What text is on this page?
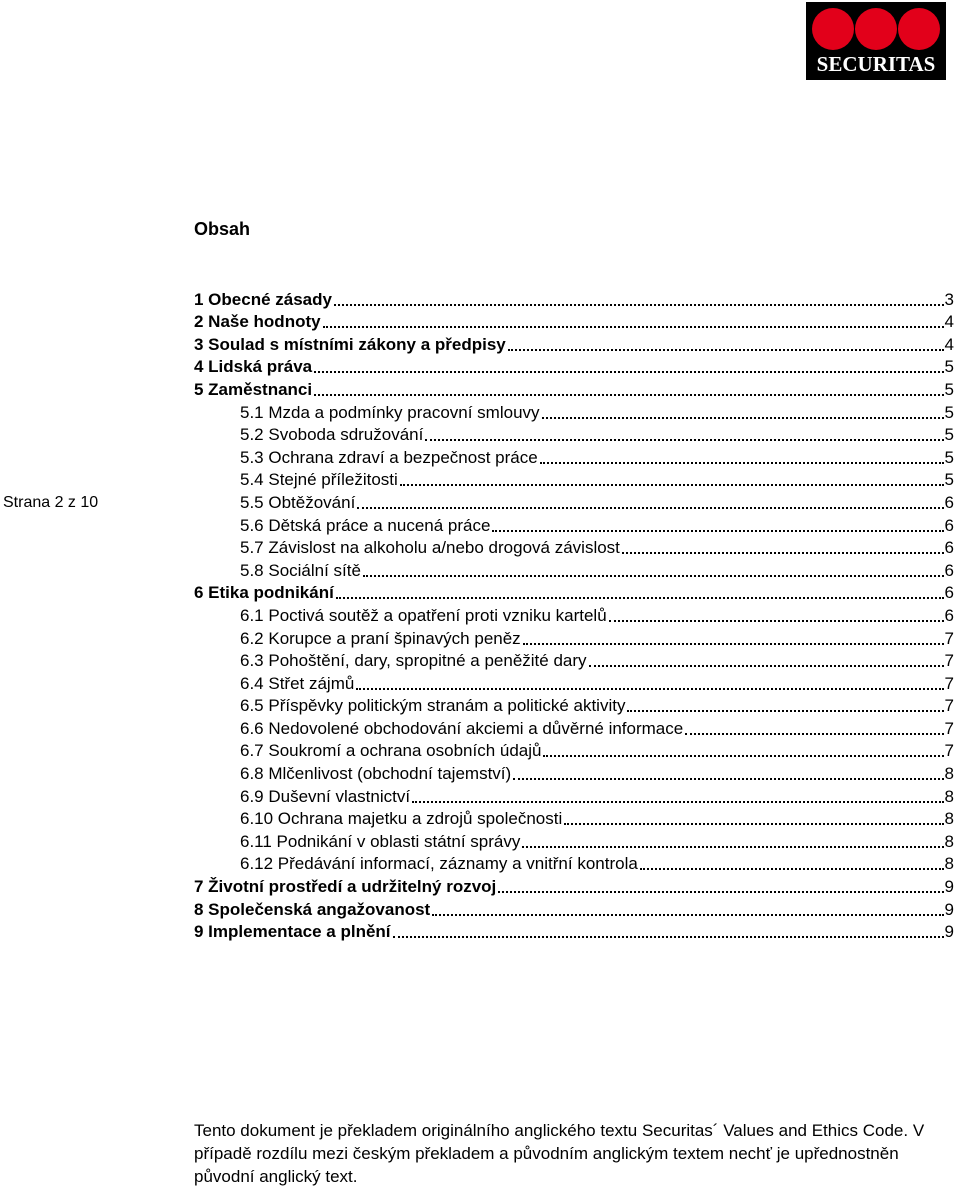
SECURITAS
Strana 2 z 10
Obsah
1 Obecné zásady	3
2 Naše hodnoty	4
3 Soulad s místními zákony a předpisy	4
4 Lidská práva	5
5 Zaměstnanci	5
5.1 Mzda a podmínky pracovní smlouvy	5
5.2 Svoboda sdružování	5
5.3 Ochrana zdraví a bezpečnost práce	5
5.4 Stejné příležitosti	5
5.5 Obtěžování	6
5.6 Dětská práce a nucená práce	6
5.7 Závislost na alkoholu a/nebo drogová závislost	6
5.8 Sociální sítě	6
6 Etika podnikání	6
6.1 Poctivá soutěž a opatření proti vzniku kartelů	6
6.2 Korupce a praní špinavých peněz	7
6.3 Pohoštění, dary, spropitné a peněžité dary	7
6.4 Střet zájmů	7
6.5 Příspěvky politickým stranám a politické aktivity	7
6.6 Nedovolené obchodování akciemi a důvěrné informace	7
6.7 Soukromí a ochrana osobních údajů	7
6.8 Mlčenlivost (obchodní tajemství)	8
6.9 Duševní vlastnictví	8
6.10 Ochrana majetku a zdrojů společnosti	8
6.11 Podnikání v oblasti státní správy	8
6.12 Předávání informací, záznamy a vnitřní kontrola	8
7 Životní prostředí a udržitelný rozvoj	9
8 Společenská angažovanost	9
9 Implementace a plnění	9
Tento dokument je překladem originálního anglického textu Securitas´ Values and Ethics Code. V případě rozdílu mezi českým překladem a původním anglickým textem nechť je upřednostněn původní anglický text.
